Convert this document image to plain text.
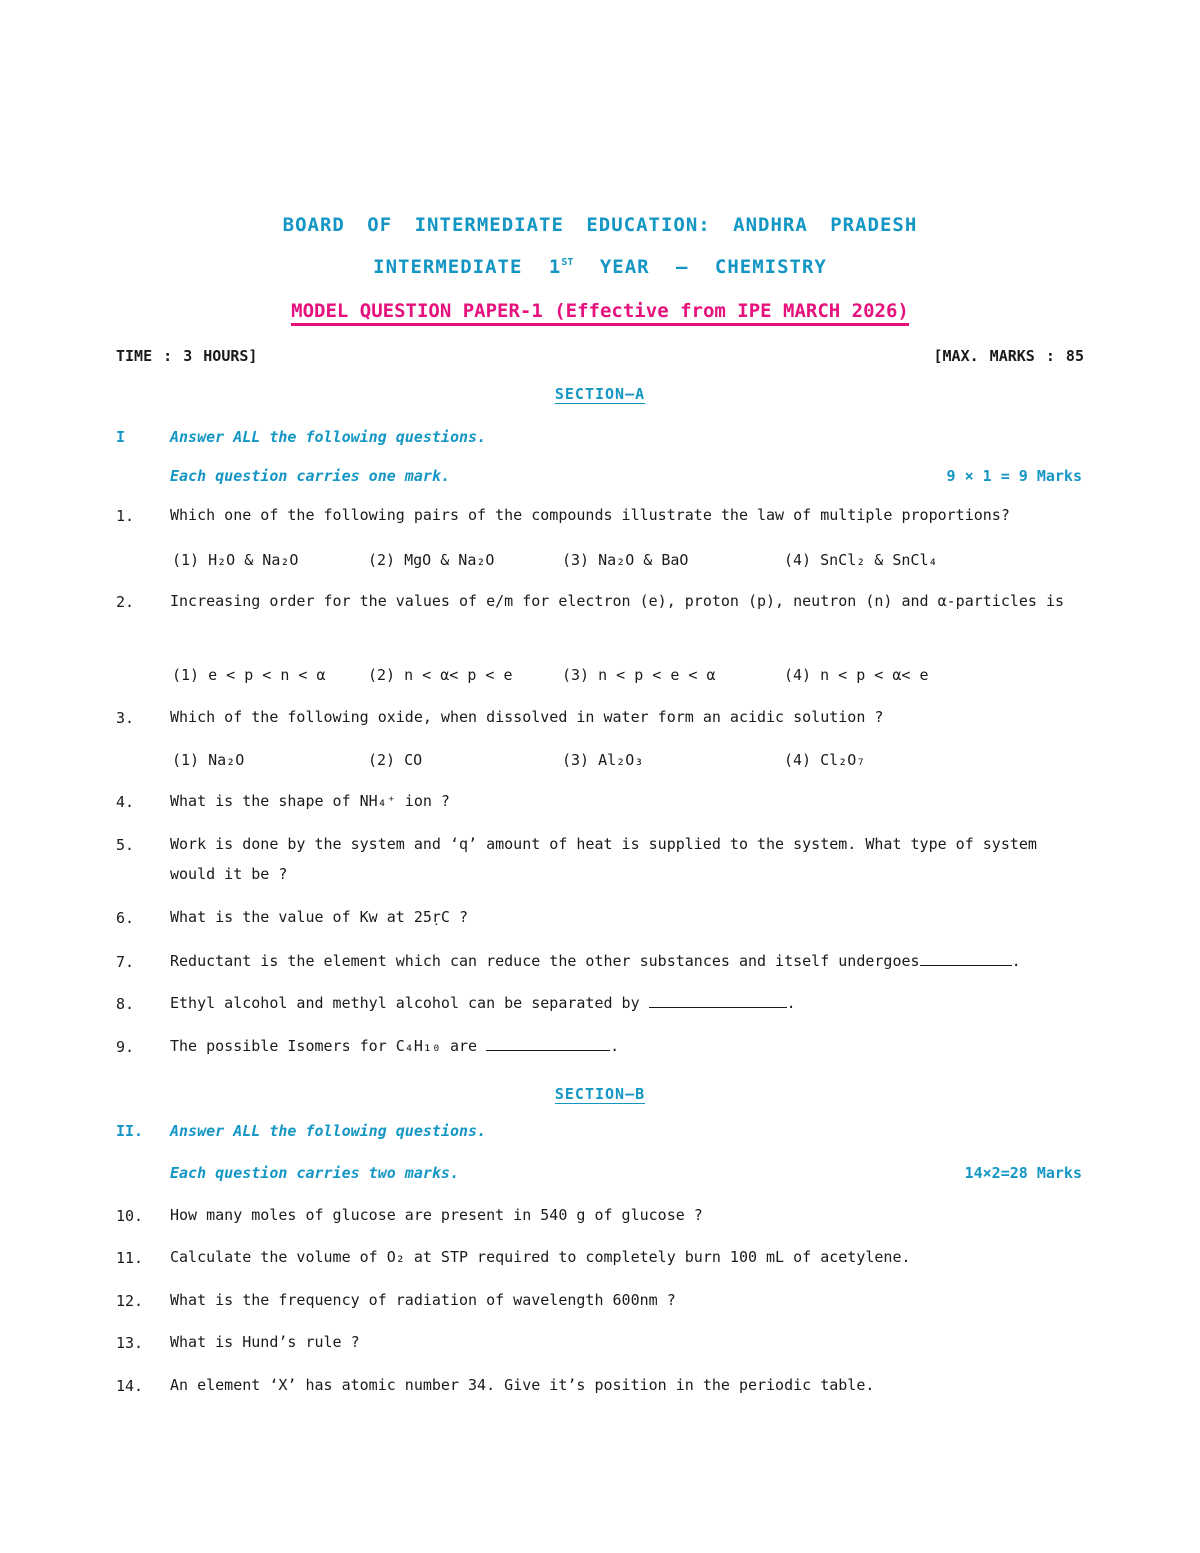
BOARD OF INTERMEDIATE EDUCATION: ANDHRA PRADESH
INTERMEDIATE 1ST YEAR – CHEMISTRY
MODEL QUESTION PAPER-1 (Effective from IPE MARCH 2026)
TIME : 3 HOURS]	[MAX. MARKS : 85
SECTION–A
I	Answer ALL the following questions.
Each question carries one mark.	9 × 1 = 9 Marks
1. Which one of the following pairs of the compounds illustrate the law of multiple proportions?
(1) H₂O & Na₂O	(2) MgO & Na₂O	(3) Na₂O & BaO	(4) SnCl₂ & SnCl₄
2. Increasing order for the values of e/m for electron (e), proton (p), neutron (n) and α-particles is
(1) e < p < n < α	(2) n < α< p < e	(3) n < p < e < α	(4) n < p < α< e
3. Which of the following oxide, when dissolved in water form an acidic solution ?
(1) Na₂O	(2) CO	(3) Al₂O₃	(4) Cl₂O₇
4. What is the shape of NH₄⁺ ion ?
5. Work is done by the system and ‘q’ amount of heat is supplied to the system. What type of system would it be ?
6. What is the value of Kw at 25ṛC ?
7. Reductant is the element which can reduce the other substances and itself undergoes	.
8. Ethyl alcohol and methyl alcohol can be separated by	.
9. The possible Isomers for C₄H₁₀ are	.
SECTION–B
II. Answer ALL the following questions.
Each question carries two marks.	14×2=28 Marks
10. How many moles of glucose are present in 540 g of glucose ?
11. Calculate the volume of O₂ at STP required to completely burn 100 mL of acetylene.
12. What is the frequency of radiation of wavelength 600nm ?
13. What is Hund’s rule ?
14. An element ‘X’ has atomic number 34. Give it’s position in the periodic table.
